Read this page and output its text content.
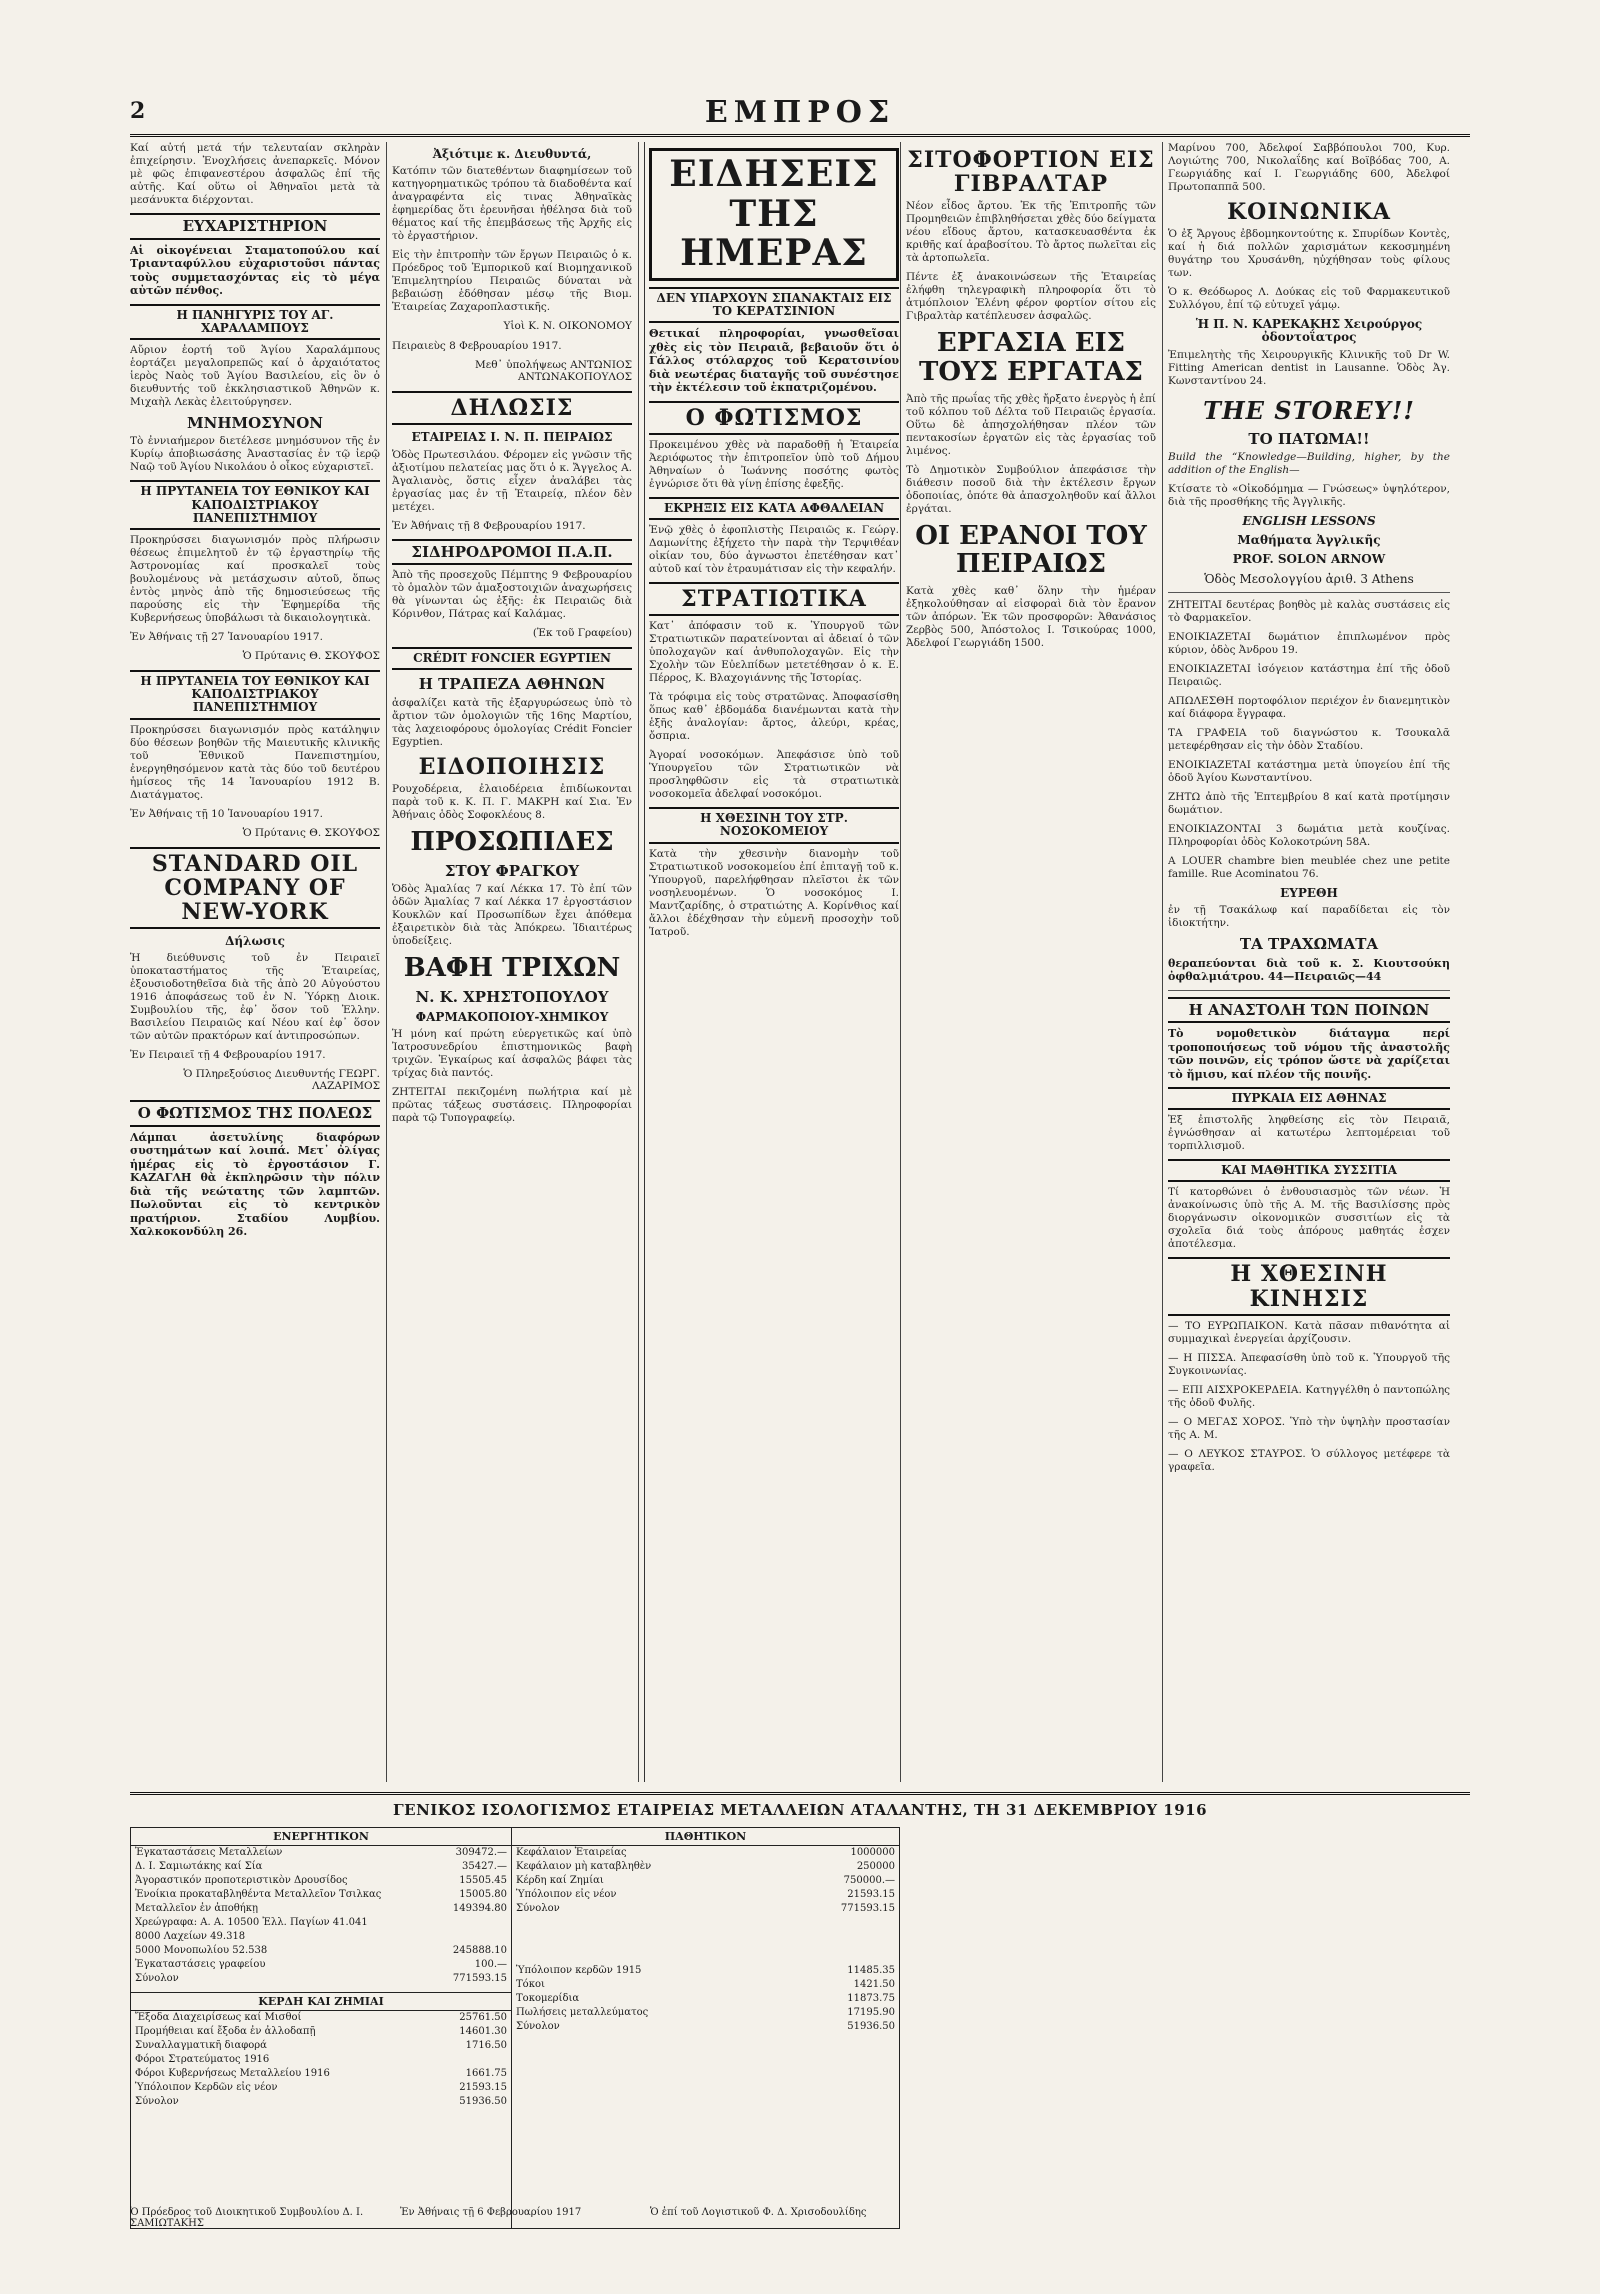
2	ΕΜΠΡΟΣ

Καί αὐτή μετά τήν τελευταίαν σκληρὰν ἐπιχείρησιν. Ἐνοχλήσεις ἀνεπαρκεῖς. Μόνον μὲ φῶς ἐπιφανεστέρου ἀσφαλῶς ἐπί τῆς αὐτῆς. Καί οὕτω οἱ Ἀθηναῖοι μετὰ τὰ μεσάνυκτα διέρχονται.

ΕΥΧΑΡΙΣΤΗΡΙΟΝ

Αἱ οἰκογένειαι Σταματοπούλου καί Τριανταφύλλου εὐχαριστοῦσι πάντας τοὺς συμμετασχόντας εἰς τὸ μέγα αὐτῶν πένθος.

Η ΠΑΝΗΓΥΡΙΣ ΤΟΥ ΑΓ. ΧΑΡΑΛΑΜΠΟΥΣ

Αὔριον ἑορτή τοῦ Ἁγίου Χαραλάμπους ἑορτάζει μεγαλοπρεπῶς καί ὁ ἀρχαιότατος ἱερὸς Ναὸς τοῦ Ἁγίου Βασιλείου, εἰς ὃν ὁ διευθυντής τοῦ ἐκκλησιαστικοῦ Ἀθηνῶν κ. Μιχαὴλ Λεκὰς ἐλειτούργησεν.

ΜΝΗΜΟΣΥΝΟΝ

Τὸ ἐννιαήμερον διετέλεσε μνημόσυνον τῆς ἐν Κυρίῳ ἀποβιωσάσης Ἀναστασίας ἐν τῷ ἱερῷ Ναῷ τοῦ Ἁγίου Νικολάου ὁ οἶκος εὐχαριστεῖ.

Η ΠΡΥΤΑΝΕΙΑ ΤΟΥ ΕΘΝΙΚΟΥ ΚΑΙ ΚΑΠΟΔΙΣΤΡΙΑΚΟΥ ΠΑΝΕΠΙΣΤΗΜΙΟΥ

Προκηρύσσει διαγωνισμόν πρὸς πλήρωσιν θέσεως ἐπιμελητοῦ ἐν τῷ ἐργαστηρίῳ τῆς Ἀστρονομίας καί προσκαλεῖ τοὺς βουλομένους νὰ μετάσχωσιν αὐτοῦ, ὅπως ἐντὸς μηνὸς ἀπὸ τῆς δημοσιεύσεως τῆς παρούσης εἰς τὴν Ἐφημερίδα τῆς Κυβερνήσεως ὑποβάλωσι τὰ δικαιολογητικὰ.

Ἐν Ἀθήναις τῇ 27 Ἰανουαρίου 1917.

Ὁ Πρύτανις Θ. ΣΚΟΥΦΟΣ

Η ΠΡΥΤΑΝΕΙΑ ΤΟΥ ΕΘΝΙΚΟΥ ΚΑΙ ΚΑΠΟΔΙΣΤΡΙΑΚΟΥ ΠΑΝΕΠΙΣΤΗΜΙΟΥ

Προκηρύσσει διαγωνισμόν πρὸς κατάληψιν δύο θέσεων βοηθῶν τῆς Μαιευτικῆς κλινικῆς τοῦ Ἐθνικοῦ Πανεπιστημίου, ἐνεργηθησόμενον κατὰ τὰς δύο τοῦ δευτέρου ἡμίσεος τῆς 14 Ἰανουαρίου 1912 Β. Διατάγματος.

Ἐν Ἀθήναις τῇ 10 Ἰανουαρίου 1917.

Ὁ Πρύτανις Θ. ΣΚΟΥΦΟΣ

STANDARD OIL COMPANY OF NEW-YORK
Δήλωσις

Ἡ διεύθυνσις τοῦ ἐν Πειραιεῖ ὑποκαταστήματος τῆς Ἑταιρείας, ἐξουσιοδοτηθεῖσα διὰ τῆς ἀπὸ 20 Αὐγούστου 1916 ἀποφάσεως τοῦ ἐν Ν. Ὑόρκῃ Διοικ. Συμβουλίου τῆς, ἐφ᾽ ὅσον τοῦ Ἑλλην. Βασιλείου Πειραιῶς καί Νέου καί ἐφ᾽ ὅσον τῶν αὐτῶν πρακτόρων καί ἀντιπροσώπων.

Ἐν Πειραιεῖ τῇ 4 Φεβρουαρίου 1917.

Ὁ Πληρεξούσιος Διευθυντής ΓΕΩΡΓ. ΛΑΖΑΡΙΜΟΣ

Ο ΦΩΤΙΣΜΟΣ ΤΗΣ ΠΟΛΕΩΣ

Λάμπαι ἀσετυλίνης διαφόρων συστημάτων καί λοιπά. Μετ᾽ ὀλίγας ἡμέρας εἰς τὸ ἐργοστάσιον Γ. ΚΑΖΑΓΛΗ θὰ ἐκπληρῶσιν τὴν πόλιν διὰ τῆς νεώτατης τῶν λαμπτῶν. Πωλοῦνται εἰς τὸ κεντρικὸν πρατήριον. Σταδίου Λυμβίου. Χαλκοκονδύλη 26.

Ἀξιότιμε κ. Διευθυντά,

Κατόπιν τῶν διατεθέντων διαφημίσεων τοῦ κατηγορηματικῶς τρόπου τὰ διαδοθέντα καί ἀναγραφέντα εἰς τινας Ἀθηναϊκὰς ἐφημερίδας ὅτι ἐρευνῆσαι ἠθέλησα διὰ τοῦ θέματος καί τῆς ἐπεμβάσεως τῆς Ἀρχῆς εἰς τὸ ἐργαστήριον.

Εἰς τὴν ἐπιτροπὴν τῶν ἔργων Πειραιῶς ὁ κ. Πρόεδρος τοῦ Ἐμπορικοῦ καί Βιομηχανικοῦ Ἐπιμελητηρίου Πειραιῶς δύναται νὰ βεβαιώσῃ ἐδόθησαν μέσῳ τῆς Βιομ. Ἑταιρείας Ζαχαροπλαστικῆς.

Υἱοὶ Κ. Ν. ΟΙΚΟΝΟΜΟΥ

Πειραιεὺς 8 Φεβρουαρίου 1917.

Μεθ᾽ ὑπολήψεως ΑΝΤΩΝΙΟΣ ΑΝΤΩΝΑΚΟΠΟΥΛΟΣ

ΔΗΛΩΣΙΣ
ΕΤΑΙΡΕΙΑΣ Ι. Ν. Π. ΠΕΙΡΑΙΩΣ

Ὁδὸς Πρωτεσιλάου. Φέρομεν εἰς γνῶσιν τῆς ἀξιοτίμου πελατείας μας ὅτι ὁ κ. Ἄγγελος Α. Ἀγαλιανὸς, ὅστις εἶχεν ἀναλάβει τὰς ἐργασίας μας ἐν τῇ Ἑταιρείᾳ, πλέον δὲν μετέχει.

Ἐν Ἀθήναις τῇ 8 Φεβρουαρίου 1917.

ΣΙΔΗΡΟΔΡΟΜΟΙ Π.Α.Π.

Ἀπὸ τῆς προσεχοῦς Πέμπτης 9 Φεβρουαρίου τὸ ὁμαλὸν τῶν ἁμαξοστοιχιῶν ἀναχωρήσεις θὰ γίνωνται ὡς ἑξῆς: ἐκ Πειραιῶς διὰ Κόρινθον, Πάτρας καί Καλάμας.

(Ἐκ τοῦ Γραφείου)

CRÉDIT FONCIER EGYPTIEN
Η ΤΡΑΠΕΖΑ ΑΘΗΝΩΝ

ἀσφαλίζει κατὰ τῆς ἐξαργυρώσεως ὑπὸ τὸ ἄρτιον τῶν ὁμολογιῶν τῆς 16ης Μαρτίου, τὰς λαχειοφόρους ὁμολογίας Crédit Foncier Egyptien.

ΕΙΔΟΠΟΙΗΣΙΣ

Ρουχοδέρεια, ἐλαιοδέρεια ἐπιδίωκονται παρὰ τοῦ κ. Κ. Π. Γ. ΜΑΚΡΗ καί Σια. Ἐν Ἀθήναις ὁδὸς Σοφοκλέους 8.

ΠΡΟΣΩΠΙΔΕΣ
ΣΤΟΥ ΦΡΑΓΚΟΥ

Ὁδὸς Ἀμαλίας 7 καί Λέκκα 17. Τὸ ἐπί τῶν ὁδῶν Ἀμαλίας 7 καί Λέκκα 17 ἐργοστάσιον Κουκλῶν καί Προσωπίδων ἔχει ἀπόθεμα ἐξαιρετικὸν διὰ τὰς Ἀπόκρεω. Ἰδιαιτέρως ὑποδείξεις.

ΒΑΦΗ ΤΡΙΧΩΝ
Ν. Κ. ΧΡΗΣΤΟΠΟΥΛΟΥ
ΦΑΡΜΑΚΟΠΟΙΟΥ-ΧΗΜΙΚΟΥ

Ἡ μόνη καί πρώτη εὐεργετικῶς καί ὑπὸ Ἰατροσυνεδρίου ἐπιστημονικῶς βαφὴ τριχῶν. Ἐγκαίρως καί ἀσφαλῶς βάφει τὰς τρίχας διὰ παντός.

ΖΗΤΕΙΤΑΙ πεκιζομένη πωλήτρια καί μὲ πρῶτας τάξεως συστάσεις. Πληροφορίαι παρὰ τῷ Τυπογραφείῳ.

ΕΙΔΗΣΕΙΣ ΤΗΣ ΗΜΕΡΑΣ
ΔΕΝ ΥΠΑΡΧΟΥΝ ΣΠΑΝΑΚΤΑΙΣ ΕΙΣ ΤΟ ΚΕΡΑΤΣΙΝΙΟΝ

Θετικαί πληροφορίαι, γνωσθεῖσαι χθὲς εἰς τὸν Πειραιᾶ, βεβαιοῦν ὅτι ὁ Γάλλος στόλαρχος τοῦ Κερατσινίου διὰ νεωτέρας διαταγῆς τοῦ συνέστησε τὴν ἐκτέλεσιν τοῦ ἐκπατριζομένου.

Ο ΦΩΤΙΣΜΟΣ

Προκειμένου χθὲς νὰ παραδοθῇ ἡ Ἑταιρεία Ἀεριόφωτος τὴν ἐπιτροπεῖον ὑπὸ τοῦ Δήμου Ἀθηναίων ὁ Ἰωάννης ποσότης φωτὸς ἐγνώρισε ὅτι θὰ γίνῃ ἐπίσης ἐφεξῆς.

ΕΚΡΗΞΙΣ ΕΙΣ ΚΑΤΑ ΑΦΘΑΛΕΙΑΝ

Ἐνῷ χθὲς ὁ ἐφοπλιστὴς Πειραιῶς κ. Γεώργ. Δαμωνίτης ἐξήχετο τὴν παρὰ τὴν Τερψιθέαν οἰκίαν του, δύο ἀγνωστοι ἐπετέθησαν κατ᾽ αὐτοῦ καί τὸν ἐτραυμάτισαν εἰς τὴν κεφαλήν.

ΣΤΡΑΤΙΩΤΙΚΑ

Κατ᾽ ἀπόφασιν τοῦ κ. Ὑπουργοῦ τῶν Στρατιωτικῶν παρατείνονται αἱ ἀδειαί ὁ τῶν ὑπολοχαγῶν καί ἀνθυπολοχαγῶν. Εἰς τὴν Σχολὴν τῶν Εὐελπίδων μετετέθησαν ὁ κ. Ε. Πέρρος, Κ. Βλαχογιάννης τῆς Ἱστορίας.

Τὰ τρόφιμα εἰς τοὺς στρατῶνας. Ἀποφασίσθη ὅπως καθ᾽ ἑβδομάδα διανέμωνται κατὰ τὴν ἑξῆς ἀναλογίαν: ἄρτος, ἀλεύρι, κρέας, ὄσπρια.

Ἀγοραί νοσοκόμων. Ἀπεφάσισε ὑπὸ τοῦ Ὑπουργεῖου τῶν Στρατιωτικῶν νὰ προσληφθῶσιν εἰς τὰ στρατιωτικὰ νοσοκομεῖα ἀδελφαί νοσοκόμοι.

Η ΧΘΕΣΙΝΗ ΤΟΥ ΣΤΡ. ΝΟΣΟΚΟΜΕΙΟΥ

Κατὰ τὴν χθεσινὴν διανομὴν τοῦ Στρατιωτικοῦ νοσοκομείου ἐπί ἐπιταγῇ τοῦ κ. Ὑπουργοῦ, παρελήφθησαν πλεῖστοι ἐκ τῶν νοσηλευομένων. Ὁ νοσοκόμος Ι. Μαντζαρίδης, ὁ στρατιώτης Α. Κορίνθιος καί ἄλλοι ἐδέχθησαν τὴν εὐμενῆ προσοχὴν τοῦ Ἰατροῦ.

ΣΙΤΟΦΟΡΤΙΟΝ ΕΙΣ ΓΙΒΡΑΛΤΑΡ

Νέον εἶδος ἄρτου. Ἐκ τῆς Ἐπιτροπῆς τῶν Προμηθειῶν ἐπιβληθήσεται χθὲς δύο δείγματα νέου εἴδους ἄρτου, κατασκευασθέντα ἐκ κριθῆς καί ἀραβοσίτου. Τὸ ἄρτος πωλεῖται εἰς τὰ ἀρτοπωλεῖα.

Πέντε ἐξ ἀνακοινώσεων τῆς Ἑταιρείας ἐλήφθη τηλεγραφικὴ πληροφορία ὅτι τὸ ἀτμόπλοιον Ἑλένη φέρον φορτίον σίτου εἰς Γιβραλτὰρ κατέπλευσεν ἀσφαλῶς.

ΕΡΓΑΣΙΑ ΕΙΣ ΤΟΥΣ ΕΡΓΑΤΑΣ

Ἀπὸ τῆς πρωΐας τῆς χθὲς ἤρξατο ἐνεργὸς ἡ ἐπί τοῦ κόλπου τοῦ Δέλτα τοῦ Πειραιῶς ἐργασία. Οὕτω δὲ ἀπησχολήθησαν πλέον τῶν πεντακοσίων ἐργατῶν εἰς τὰς ἐργασίας τοῦ λιμένος.

Τὸ Δημοτικὸν Συμβούλιον ἀπεφάσισε τὴν διάθεσιν ποσοῦ διὰ τὴν ἐκτέλεσιν ἔργων ὁδοποιίας, ὁπότε θὰ ἀπασχοληθοῦν καί ἄλλοι ἐργάται.

ΟΙ ΕΡΑΝΟΙ ΤΟΥ ΠΕΙΡΑΙΩΣ

Κατὰ χθὲς καθ᾽ ὅλην τὴν ἡμέραν ἐξηκολούθησαν αἱ εἰσφοραὶ διὰ τὸν ἔρανον τῶν ἀπόρων. Ἐκ τῶν προσφορῶν: Ἀθανάσιος Ζερβὸς 500, Ἀπόστολος Ι. Τσικούρας 1000, Ἀδελφοί Γεωργιάδη 1500.

Μαρίνου 700, Ἀδελφοί Σαββόπουλοι 700, Κυρ. Λογιώτης 700, Νικολαΐδης καί Βοϊβόδας 700, Α. Γεωργιάδης καί Ι. Γεωργιάδης 600, Ἀδελφοί Πρωτοπαππᾶ 500.

ΚΟΙΝΩΝΙΚΑ

Ὁ ἐξ Ἄργους ἐβδομηκοντούτης κ. Σπυρίδων Κοντὲς, καί ἡ διά πολλῶν χαρισμάτων κεκοσμημένη θυγάτηρ του Χρυσάνθη, ηὐχήθησαν τοὺς φίλους των.

Ὁ κ. Θεόδωρος Λ. Δούκας εἰς τοῦ Φαρμακευτικοῦ Συλλόγου, ἐπί τῷ εὐτυχεῖ γάμῳ.

Ἡ Π. Ν. ΚΑΡΕΚΑΚΗΣ Χειρούργος ὀδοντοΐατρος

Ἐπιμελητὴς τῆς Χειρουργικῆς Κλινικῆς τοῦ Dr W. Fitting American dentist in Lausanne. Ὁδὸς Ἀγ. Κωνσταντίνου 24.

THE STOREY!!
ΤΟ ΠΑΤΩΜΑ!!

Build the “Knowledge—Building, higher, by the addition of the English—

Κτίσατε τὸ «Οἰκοδόμημα — Γνώσεως» ὑψηλότερον, διὰ τῆς προσθήκης τῆς Ἀγγλικῆς.

ENGLISH LESSONS
Μαθήματα Ἀγγλικῆς
PROF. SOLON ARNOW
Ὁδὸς Μεσολογγίου ἀριθ. 3 Athens

ΖΗΤΕΙΤΑΙ δευτέρας βοηθὸς μὲ καλὰς συστάσεις εἰς τὸ Φαρμακεῖον.

ΕΝΟΙΚΙΑΖΕΤΑΙ δωμάτιον ἐπιπλωμένον πρὸς κύριον, ὁδὸς Ἀνδρου 19.

ΕΝΟΙΚΙΑΖΕΤΑΙ ἰσόγειον κατάστημα ἐπί τῆς ὁδοῦ Πειραιῶς.

ΑΠΩΛΕΣΘΗ πορτοφόλιον περιέχον ἐν διανεμητικὸν καί διάφορα ἔγγραφα.

ΤΑ ΓΡΑΦΕΙΑ τοῦ διαγνώστου κ. Τσουκαλᾶ μετεφέρθησαν εἰς τὴν ὁδὸν Σταδίου.

ΕΝΟΙΚΙΑΖΕΤΑΙ κατάστημα μετὰ ὑπογείου ἐπί τῆς ὁδοῦ Ἀγίου Κωνσταντίνου.

ΖΗΤΩ ἀπὸ τῆς Ἐπτεμβρίου 8 καί κατὰ προτίμησιν δωμάτιον.

ΕΝΟΙΚΙΑΖΟΝΤΑΙ 3 δωμάτια μετὰ κουζίνας. Πληροφορίαι ὁδὸς Κολοκοτρώνη 58Α.

A LOUER chambre bien meublée chez une petite famille. Rue Acominatou 76.

ΕΥΡΕΘΗ

ἐν τῇ Τσακάλωφ καί παραδίδεται εἰς τὸν ἰδιοκτήτην.

ΤΑ ΤΡΑΧΩΜΑΤΑ

θεραπεύονται διὰ τοῦ κ. Σ. Κιουτσούκη ὀφθαλμιάτρου. 44—Πειραιῶς—44

Η ΑΝΑΣΤΟΛΗ ΤΩΝ ΠΟΙΝΩΝ

Τὸ νομοθετικὸν διάταγμα περί τροποποιήσεως τοῦ νόμου τῆς ἀναστολῆς τῶν ποινῶν, εἰς τρόπον ὥστε νὰ χαρίζεται τὸ ἥμισυ, καί πλέον τῆς ποινῆς.

ΠΥΡΚΑΙΑ ΕΙΣ ΑΘΗΝΑΣ

Ἐξ ἐπιστολῆς ληφθείσης εἰς τὸν Πειραιᾶ, ἐγνώσθησαν αἱ κατωτέρω λεπτομέρειαι τοῦ τορπιλλισμοῦ.

ΚΑΙ ΜΑΘΗΤΙΚΑ ΣΥΣΣΙΤΙΑ

Τί κατορθώνει ὁ ἐνθουσιασμὸς τῶν νέων. Ἡ ἀνακοίνωσις ὑπὸ τῆς Α. Μ. τῆς Βασιλίσσης πρὸς διοργάνωσιν οἰκονομικῶν συσσιτίων εἰς τὰ σχολεῖα διά τοὺς ἀπόρους μαθητάς ἐσχεν ἀποτέλεσμα.

Η ΧΘΕΣΙΝΗ ΚΙΝΗΣΙΣ

— ΤΟ ΕΥΡΩΠΑΙΚΟΝ. Κατὰ πᾶσαν πιθανότητα αἱ συμμαχικαὶ ἐνεργείαι ἀρχίζουσιν.

— Η ΠΙΣΣΑ. Ἀπεφασίσθη ὑπὸ τοῦ κ. Ὑπουργοῦ τῆς Συγκοινωνίας.

— ΕΠΙ ΑΙΣΧΡΟΚΕΡΔΕΙΑ. Κατηγγέλθη ὁ παντοπώλης τῆς ὁδοῦ Φυλῆς.

— Ο ΜΕΓΑΣ ΧΟΡΟΣ. Ὑπὸ τὴν ὑψηλὴν προστασίαν τῆς Α. Μ.

— Ο ΛΕΥΚΟΣ ΣΤΑΥΡΟΣ. Ὁ σύλλογος μετέφερε τὰ γραφεῖα.

ΓΕΝΙΚΟΣ ΙΣΟΛΟΓΙΣΜΟΣ ΕΤΑΙΡΕΙΑΣ ΜΕΤΑΛΛΕΙΩΝ ΑΤΑΛΑΝΤΗΣ, ΤΗ 31 ΔΕΚΕΜΒΡΙΟΥ 1916
ΕΝΕΡΓΗΤΙΚΟΝ
Ἐγκαταστάσεις Μεταλλείων	309472.—
Δ. Ι. Σαμιωτάκης καί Σία	35427.—
Ἀγοραστικόν προποτεριστικὸν Δρουσίδος	15505.45
Ἐνοίκια προκαταβληθέντα Μεταλλεῖον Τσιλκας	15005.80
Μεταλλεῖον ἐν ἀποθήκῃ	149394.80
Χρεώγραφα: Α. Α. 10500 Ἐλλ. Παγίων 41.041
8000 Λαχείων 49.318
5000 Μονοπωλίου 52.538	245888.10
Ἐγκαταστάσεις γραφείου	100.—
Σύνολον	771593.15
ΚΕΡΔΗ ΚΑΙ ΖΗΜΙΑΙ
Ἔξοδα Διαχειρίσεως καί Μισθοί	25761.50
Προμήθειαι καί ἔξοδα ἐν ἀλλοδαπῇ	14601.30
Συναλλαγματικῆ διαφορά	1716.50
Φόροι Στρατεύματος 1916
Φόροι Κυβερνήσεως Μεταλλείου 1916	1661.75
Ὑπόλοιπον Κερδῶν εἰς νέον	21593.15
Σύνολον	51936.50
ΠΑΘΗΤΙΚΟΝ
Κεφάλαιον Ἑταιρείας	1000000
Κεφάλαιον μὴ καταβληθὲν	250000
Κέρδη καί Ζημίαι	750000.—
Ὑπόλοιπον εἰς νέον	21593.15
Σύνολον	771593.15
Ὑπόλοιπον κερδῶν 1915	11485.35
Τόκοι	1421.50
Τοκομερίδια	11873.75
Πωλήσεις μεταλλεύματος	17195.90
Σύνολον	51936.50
Ὁ Πρόεδρος τοῦ Διοικητικοῦ Συμβουλίου Δ. Ι. ΣΑΜΙΩΤΑΚΗΣ
Ἐν Ἀθήναις τῇ 6 Φεβρουαρίου 1917	Ὁ ἐπί τοῦ Λογιστικοῦ Φ. Δ. Χρισοδουλίδης
